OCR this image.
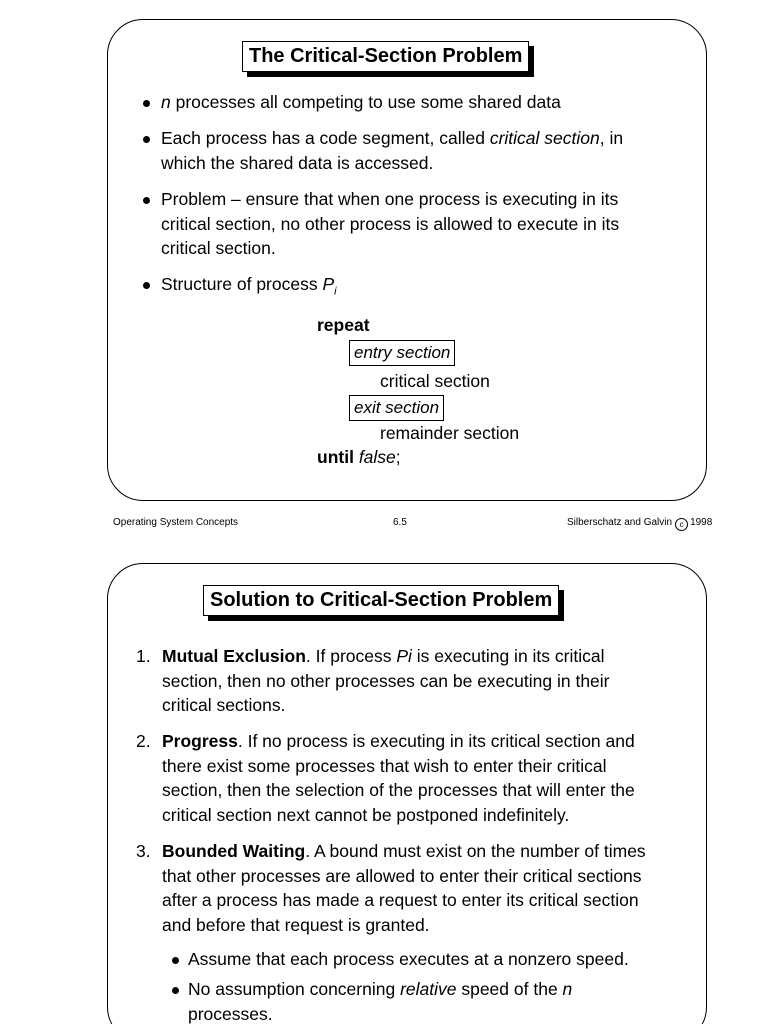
The Critical-Section Problem
n processes all competing to use some shared data
Each process has a code segment, called critical section, in
which the shared data is accessed.
Problem – ensure that when one process is executing in its
critical section, no other process is allowed to execute in its
critical section.
Structure of process $P_i$
repeat
entry section
critical section
exit section
remainder section
until false;
Operating System Concepts	6.5	Silberschatz and Galvin c 1998
Solution to Critical-Section Problem
1. Mutual Exclusion. If process Pi is executing in its critical
section, then no other processes can be executing in their
critical sections.
2. Progress. If no process is executing in its critical section and
there exist some processes that wish to enter their critical
section, then the selection of the processes that will enter the
critical section next cannot be postponed indefinitely.
3. Bounded Waiting. A bound must exist on the number of times
that other processes are allowed to enter their critical sections
after a process has made a request to enter its critical section
and before that request is granted.
Assume that each process executes at a nonzero speed.
No assumption concerning relative speed of the n
processes.
